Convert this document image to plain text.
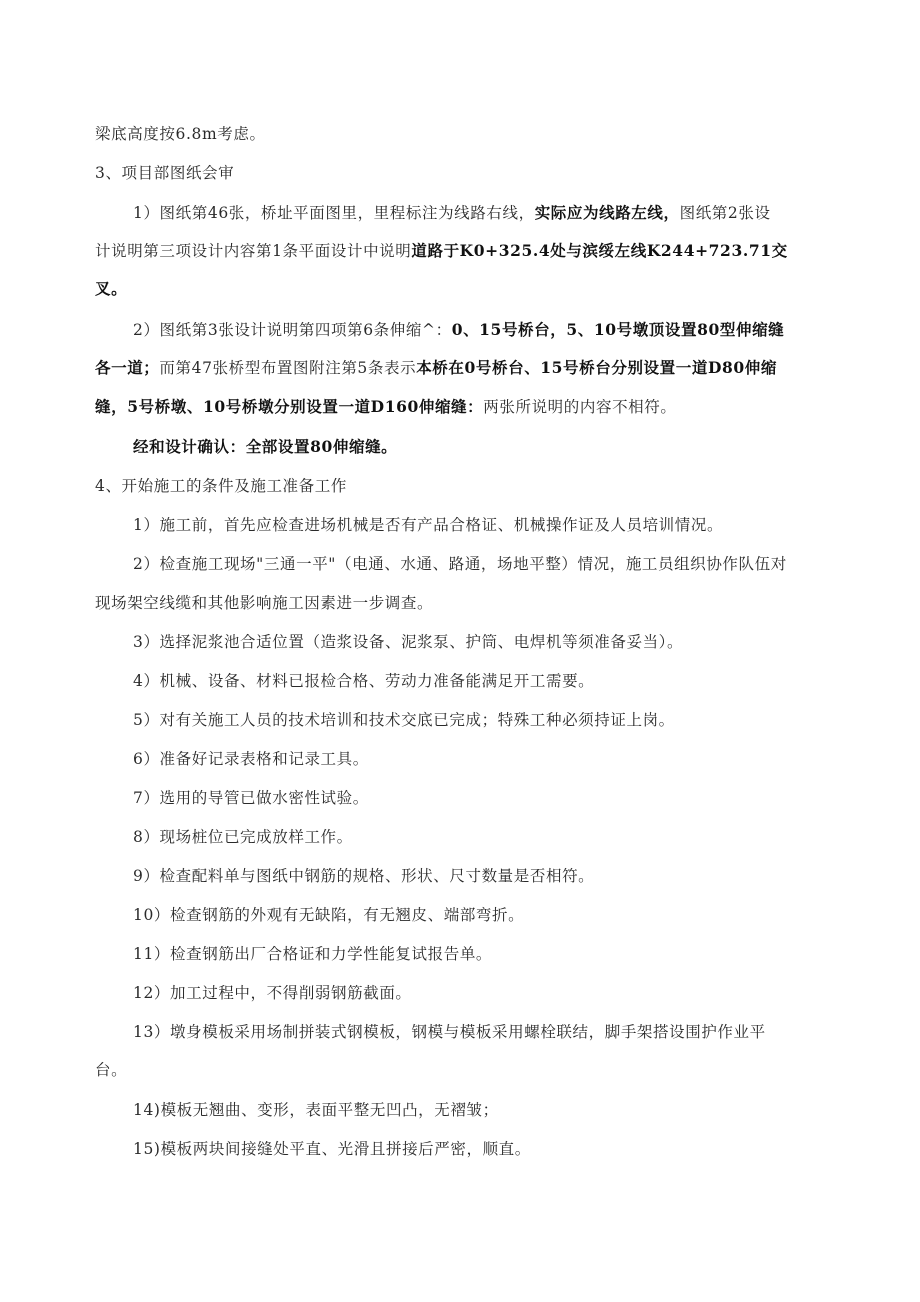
梁底高度按6.8m考虑。
3、项目部图纸会审
1）图纸第46张，桥址平面图里，里程标注为线路右线，实际应为线路左线，图纸第2张设
计说明第三项设计内容第1条平面设计中说明道路于K0+325.4处与滨绥左线K244+723.71交
叉。
2）图纸第3张设计说明第四项第6条伸缩^：0、15号桥台，5、10号墩顶设置80型伸缩缝
各一道；而第47张桥型布置图附注第5条表示本桥在0号桥台、15号桥台分别设置一道D80伸缩
缝，5号桥墩、10号桥墩分别设置一道D160伸缩缝：两张所说明的内容不相符。
经和设计确认：全部设置80伸缩缝。
4、开始施工的条件及施工准备工作
1）施工前，首先应检查进场机械是否有产品合格证、机械操作证及人员培训情况。
2）检查施工现场"三通一平"（电通、水通、路通，场地平整）情况，施工员组织协作队伍对
现场架空线缆和其他影响施工因素进一步调查。
3）选择泥浆池合适位置（造浆设备、泥浆泵、护筒、电焊机等须准备妥当）。
4）机械、设备、材料已报检合格、劳动力准备能满足开工需要。
5）对有关施工人员的技术培训和技术交底已完成；特殊工种必须持证上岗。
6）准备好记录表格和记录工具。
7）选用的导管已做水密性试验。
8）现场桩位已完成放样工作。
9）检查配料单与图纸中钢筋的规格、形状、尺寸数量是否相符。
10）检查钢筋的外观有无缺陷，有无翘皮、端部弯折。
11）检查钢筋出厂合格证和力学性能复试报告单。
12）加工过程中，不得削弱钢筋截面。
13）墩身模板采用场制拼装式钢模板，钢模与模板采用螺栓联结，脚手架搭设围护作业平
台。
14)模板无翘曲、变形，表面平整无凹凸，无褶皱；
15)模板两块间接缝处平直、光滑且拼接后严密，顺直。
